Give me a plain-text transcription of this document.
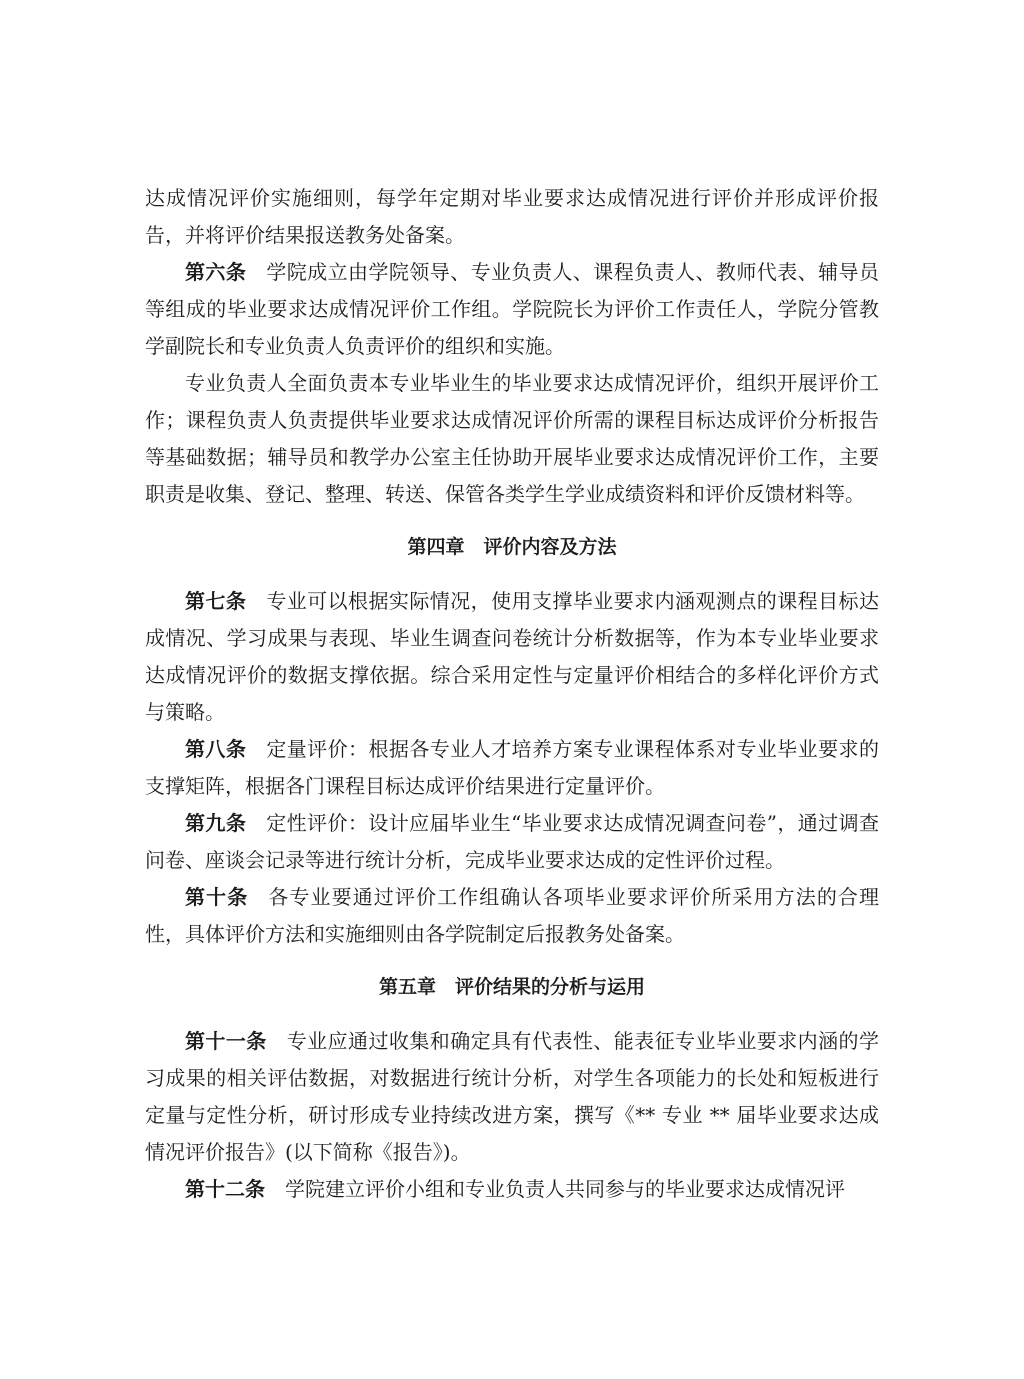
达成情况评价实施细则，每学年定期对毕业要求达成情况进行评价并形成评价报告，并将评价结果报送教务处备案。

第六条 学院成立由学院领导、专业负责人、课程负责人、教师代表、辅导员等组成的毕业要求达成情况评价工作组。学院院长为评价工作责任人，学院分管教学副院长和专业负责人负责评价的组织和实施。

专业负责人全面负责本专业毕业生的毕业要求达成情况评价，组织开展评价工作；课程负责人负责提供毕业要求达成情况评价所需的课程目标达成评价分析报告等基础数据；辅导员和教学办公室主任协助开展毕业要求达成情况评价工作，主要职责是收集、登记、整理、转送、保管各类学生学业成绩资料和评价反馈材料等。

第四章　评价内容及方法

第七条 专业可以根据实际情况，使用支撑毕业要求内涵观测点的课程目标达成情况、学习成果与表现、毕业生调查问卷统计分析数据等，作为本专业毕业要求达成情况评价的数据支撑依据。综合采用定性与定量评价相结合的多样化评价方式与策略。

第八条 定量评价：根据各专业人才培养方案专业课程体系对专业毕业要求的支撑矩阵，根据各门课程目标达成评价结果进行定量评价。

第九条 定性评价：设计应届毕业生“毕业要求达成情况调查问卷”，通过调查问卷、座谈会记录等进行统计分析，完成毕业要求达成的定性评价过程。

第十条 各专业要通过评价工作组确认各项毕业要求评价所采用方法的合理性，具体评价方法和实施细则由各学院制定后报教务处备案。

第五章　评价结果的分析与运用

第十一条 专业应通过收集和确定具有代表性、能表征专业毕业要求内涵的学习成果的相关评估数据，对数据进行统计分析，对学生各项能力的长处和短板进行定量与定性分析，研讨形成专业持续改进方案，撰写《** 专业 ** 届毕业要求达成情况评价报告》(以下简称《报告》)。

第十二条 学院建立评价小组和专业负责人共同参与的毕业要求达成情况评
